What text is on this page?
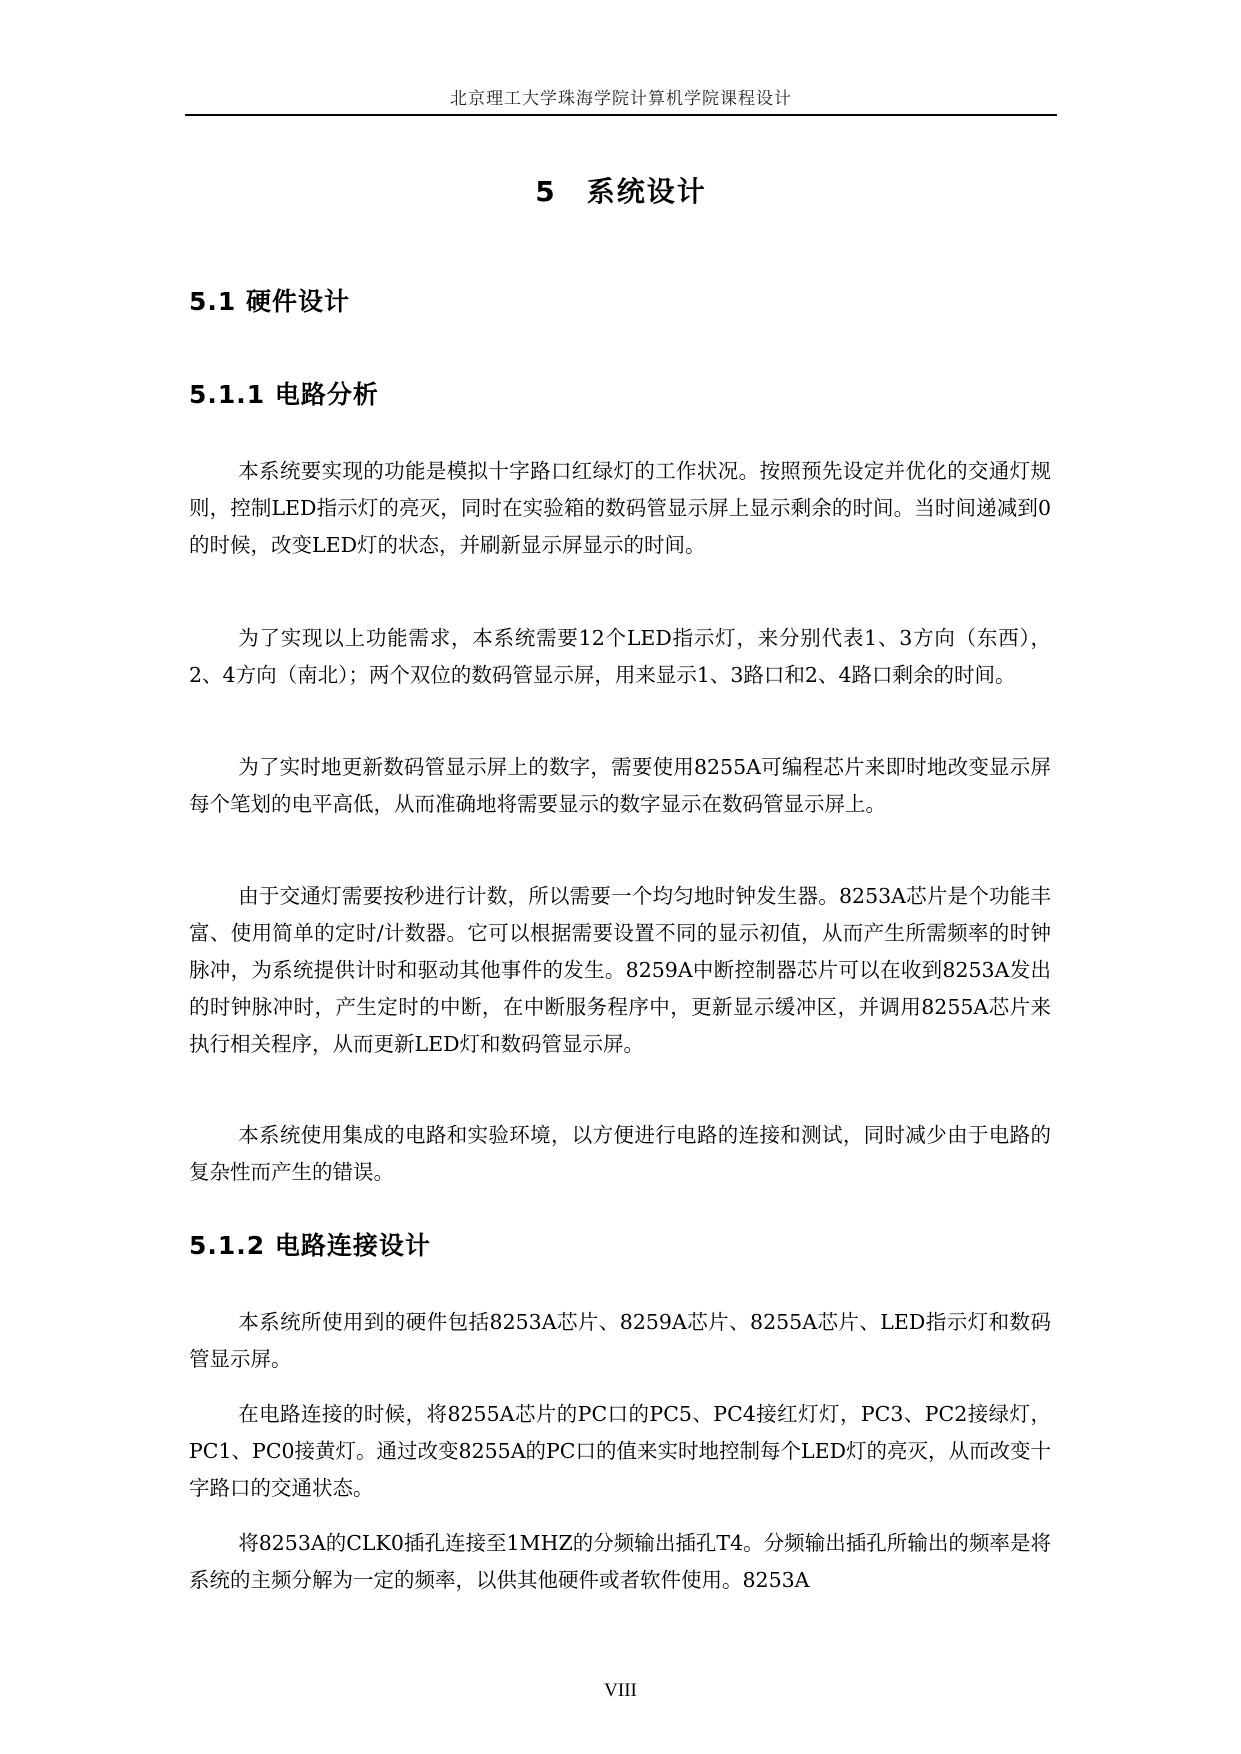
北京理工大学珠海学院计算机学院课程设计
5　系统设计
5.1 硬件设计
5.1.1 电路分析

本系统要实现的功能是模拟十字路口红绿灯的工作状况。按照预先设定并优化的交通灯规则，控制LED指示灯的亮灭，同时在实验箱的数码管显示屏上显示剩余的时间。当时间递减到0的时候，改变LED灯的状态，并刷新显示屏显示的时间。

为了实现以上功能需求，本系统需要12个LED指示灯，来分别代表1、3方向（东西），2、4方向（南北）；两个双位的数码管显示屏，用来显示1、3路口和2、4路口剩余的时间。

为了实时地更新数码管显示屏上的数字，需要使用8255A可编程芯片来即时地改变显示屏每个笔划的电平高低，从而准确地将需要显示的数字显示在数码管显示屏上。

由于交通灯需要按秒进行计数，所以需要一个均匀地时钟发生器。8253A芯片是个功能丰富、使用简单的定时/计数器。它可以根据需要设置不同的显示初值，从而产生所需频率的时钟脉冲，为系统提供计时和驱动其他事件的发生。8259A中断控制器芯片可以在收到8253A发出的时钟脉冲时，产生定时的中断，在中断服务程序中，更新显示缓冲区，并调用8255A芯片来执行相关程序，从而更新LED灯和数码管显示屏。

本系统使用集成的电路和实验环境，以方便进行电路的连接和测试，同时减少由于电路的复杂性而产生的错误。

5.1.2 电路连接设计

本系统所使用到的硬件包括8253A芯片、8259A芯片、8255A芯片、LED指示灯和数码管显示屏。

在电路连接的时候，将8255A芯片的PC口的PC5、PC4接红灯灯，PC3、PC2接绿灯，PC1、PC0接黄灯。通过改变8255A的PC口的值来实时地控制每个LED灯的亮灭，从而改变十字路口的交通状态。

将8253A的CLK0插孔连接至1MHZ的分频输出插孔T4。分频输出插孔所输出的频率是将系统的主频分解为一定的频率，以供其他硬件或者软件使用。8253A

VIII
